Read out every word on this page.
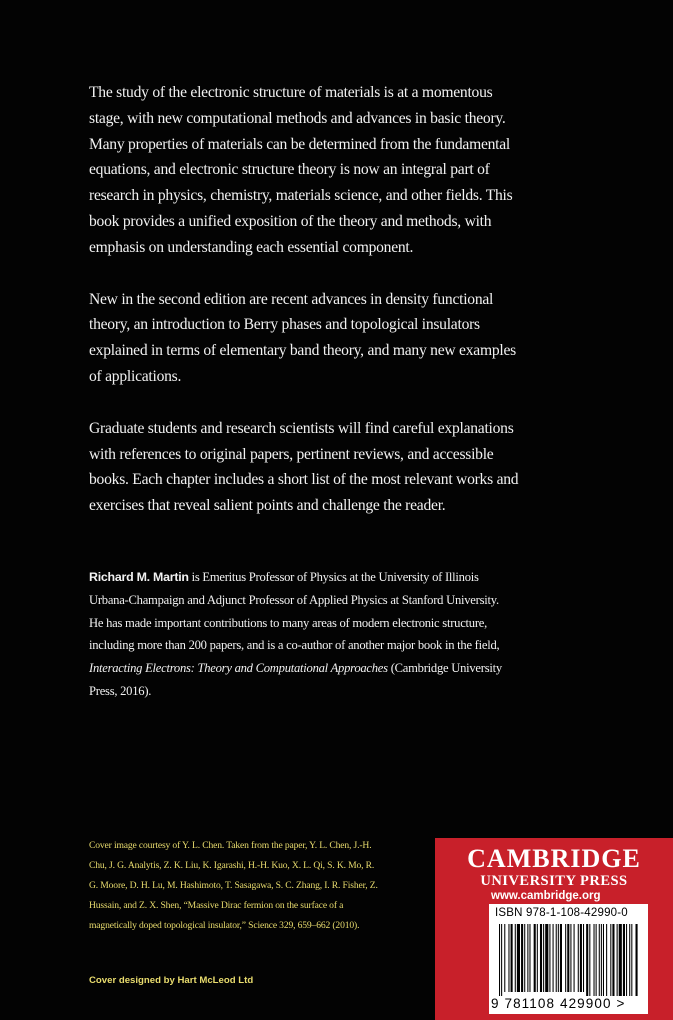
The study of the electronic structure of materials is at a momentous stage, with new computational methods and advances in basic theory. Many properties of materials can be determined from the fundamental equations, and electronic structure theory is now an integral part of research in physics, chemistry, materials science, and other fields. This book provides a unified exposition of the theory and methods, with emphasis on understanding each essential component.

New in the second edition are recent advances in density functional theory, an introduction to Berry phases and topological insulators explained in terms of elementary band theory, and many new examples of applications.

Graduate students and research scientists will find careful explanations with references to original papers, pertinent reviews, and accessible books. Each chapter includes a short list of the most relevant works and exercises that reveal salient points and challenge the reader.

Richard M. Martin is Emeritus Professor of Physics at the University of Illinois Urbana-Champaign and Adjunct Professor of Applied Physics at Stanford University. He has made important contributions to many areas of modern electronic structure, including more than 200 papers, and is a co-author of another major book in the field, Interacting Electrons: Theory and Computational Approaches (Cambridge University Press, 2016).
Cover image courtesy of Y. L. Chen. Taken from the paper, Y. L. Chen, J.-H. Chu, J. G. Analytis, Z. K. Liu, K. Igarashi, H.-H. Kuo, X. L. Qi, S. K. Mo, R. G. Moore, D. H. Lu, M. Hashimoto, T. Sasagawa, S. C. Zhang, I. R. Fisher, Z. Hussain, and Z. X. Shen, “Massive Dirac fermion on the surface of a magnetically doped topological insulator,” Science 329, 659–662 (2010).
Cover designed by Hart McLeod Ltd
CAMBRIDGE
UNIVERSITY PRESS
www.cambridge.org
ISBN 978-1-108-42990-0
9 781108 429900 >
